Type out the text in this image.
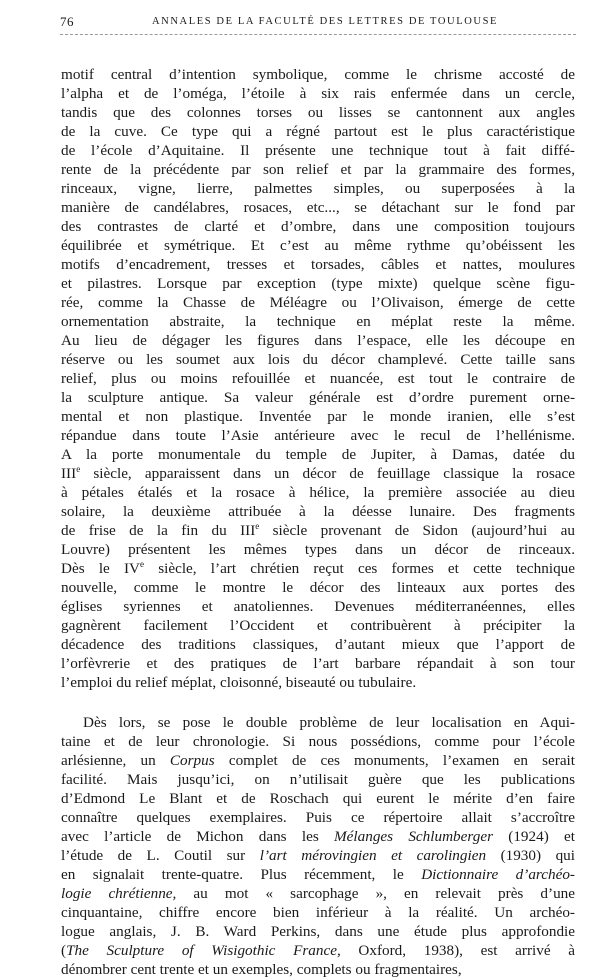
76	ANNALES DE LA FACULTÉ DES LETTRES DE TOULOUSE
motif central d’intention symbolique, comme le chrisme accosté de
l’alpha et de l’oméga, l’étoile à six rais enfermée dans un cercle,
tandis que des colonnes torses ou lisses se cantonnent aux angles
de la cuve. Ce type qui a régné partout est le plus caractéristique
de l’école d’Aquitaine. Il présente une technique tout à fait diffé-
rente de la précédente par son relief et par la grammaire des formes,
rinceaux, vigne, lierre, palmettes simples, ou superposées à la
manière de candélabres, rosaces, etc..., se détachant sur le fond par
des contrastes de clarté et d’ombre, dans une composition toujours
équilibrée et symétrique. Et c’est au même rythme qu’obéissent les
motifs d’encadrement, tresses et torsades, câbles et nattes, moulures
et pilastres. Lorsque par exception (type mixte) quelque scène figu-
rée, comme la Chasse de Méléagre ou l’Olivaison, émerge de cette
ornementation abstraite, la technique en méplat reste la même.
Au lieu de dégager les figures dans l’espace, elle les découpe en
réserve ou les soumet aux lois du décor champlevé. Cette taille sans
relief, plus ou moins refouillée et nuancée, est tout le contraire de
la sculpture antique. Sa valeur générale est d’ordre purement orne-
mental et non plastique. Inventée par le monde iranien, elle s’est
répandue dans toute l’Asie antérieure avec le recul de l’hellénisme.
A la porte monumentale du temple de Jupiter, à Damas, datée du
IIIe siècle, apparaissent dans un décor de feuillage classique la rosace
à pétales étalés et la rosace à hélice, la première associée au dieu
solaire, la deuxième attribuée à la déesse lunaire. Des fragments
de frise de la fin du IIIe siècle provenant de Sidon (aujourd’hui au
Louvre) présentent les mêmes types dans un décor de rinceaux.
Dès le IVe siècle, l’art chrétien reçut ces formes et cette technique
nouvelle, comme le montre le décor des linteaux aux portes des
églises syriennes et anatoliennes. Devenues méditerranéennes, elles
gagnèrent facilement l’Occident et contribuèrent à précipiter la
décadence des traditions classiques, d’autant mieux que l’apport de
l’orfèvrerie et des pratiques de l’art barbare répandait à son tour
l’emploi du relief méplat, cloisonné, biseauté ou tubulaire.
Dès lors, se pose le double problème de leur localisation en Aqui-
taine et de leur chronologie. Si nous possédions, comme pour l’école
arlésienne, un Corpus complet de ces monuments, l’examen en serait
facilité. Mais jusqu’ici, on n’utilisait guère que les publications
d’Edmond Le Blant et de Roschach qui eurent le mérite d’en faire
connaître quelques exemplaires. Puis ce répertoire allait s’accroître
avec l’article de Michon dans les Mélanges Schlumberger (1924) et
l’étude de L. Coutil sur l’art mérovingien et carolingien (1930) qui
en signalait trente-quatre. Plus récemment, le Dictionnaire d’archéo-
logie chrétienne, au mot « sarcophage », en relevait près d’une
cinquantaine, chiffre encore bien inférieur à la réalité. Un archéo-
logue anglais, J. B. Ward Perkins, dans une étude plus approfondie
(The Sculpture of Wisigothic France, Oxford, 1938), est arrivé à
dénombrer cent trente et un exemples, complets ou fragmentaires,
